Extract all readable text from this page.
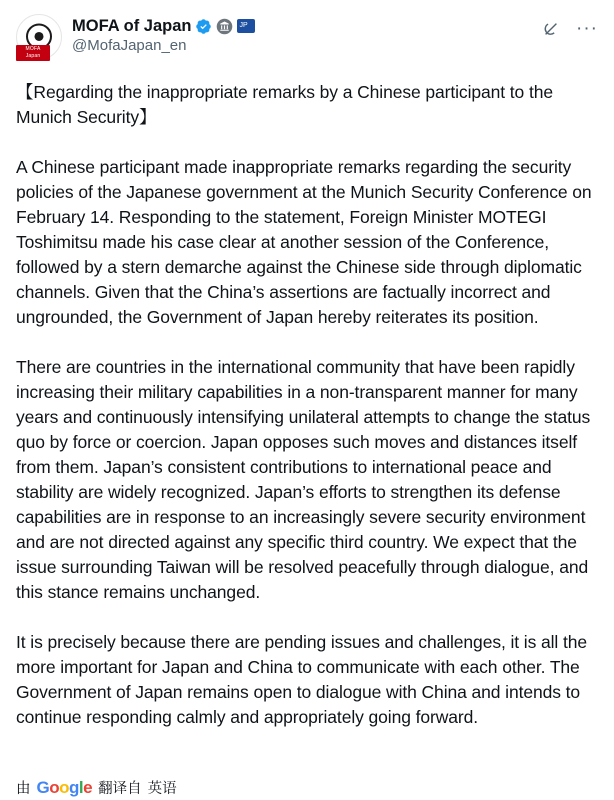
MOFA
Japan
MOFA of Japan	JP
@MofaJapan_en
···

【Regarding the inappropriate remarks by a Chinese participant to the Munich Security】

A Chinese participant made inappropriate remarks regarding the security policies of the Japanese government at the Munich Security Conference on February 14. Responding to the statement, Foreign Minister MOTEGI Toshimitsu made his case clear at another session of the Conference, followed by a stern demarche against the Chinese side through diplomatic channels. Given that the China’s assertions are factually incorrect and ungrounded, the Government of Japan hereby reiterates its position.

There are countries in the international community that have been rapidly increasing their military capabilities in a non-transparent manner for many years and continuously intensifying unilateral attempts to change the status quo by force or coercion. Japan opposes such moves and distances itself from them. Japan’s consistent contributions to international peace and stability are widely recognized. Japan’s efforts to strengthen its defense capabilities are in response to an increasingly severe security environment and are not directed against any specific third country. We expect that the issue surrounding Taiwan will be resolved peacefully through dialogue, and this stance remains unchanged.

It is precisely because there are pending issues and challenges, it is all the more important for Japan and China to communicate with each other. The Government of Japan remains open to dialogue with China and intends to continue responding calmly and appropriately going forward.

由 Google 翻译自 英语
